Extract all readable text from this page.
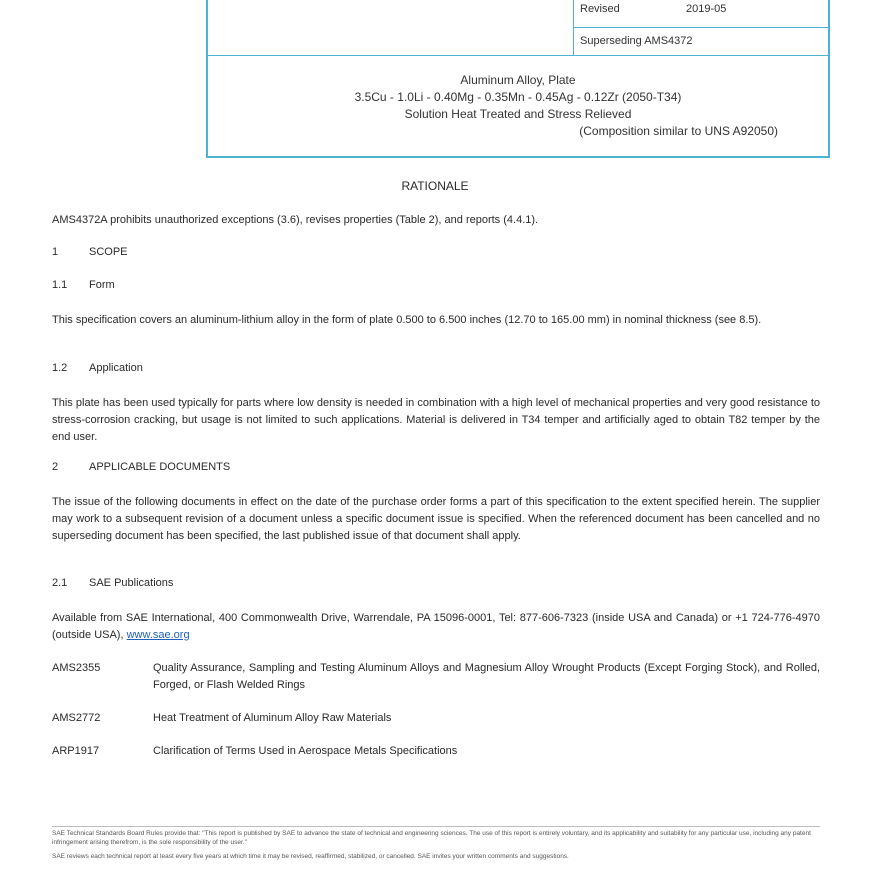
Revised	2019-05
Superseding AMS4372
Aluminum Alloy, Plate
3.5Cu - 1.0Li - 0.40Mg - 0.35Mn - 0.45Ag - 0.12Zr (2050-T34)
Solution Heat Treated and Stress Relieved
(Composition similar to UNS A92050)
RATIONALE
AMS4372A prohibits unauthorized exceptions (3.6), revises properties (Table 2), and reports (4.4.1).
1	SCOPE
1.1 Form
This specification covers an aluminum-lithium alloy in the form of plate 0.500 to 6.500 inches (12.70 to 165.00 mm) in nominal thickness (see 8.5).
1.2 Application
This plate has been used typically for parts where low density is needed in combination with a high level of mechanical properties and very good resistance to stress-corrosion cracking, but usage is not limited to such applications. Material is delivered in T34 temper and artificially aged to obtain T82 temper by the end user.
2	APPLICABLE DOCUMENTS
The issue of the following documents in effect on the date of the purchase order forms a part of this specification to the extent specified herein. The supplier may work to a subsequent revision of a document unless a specific document issue is specified. When the referenced document has been cancelled and no superseding document has been specified, the last published issue of that document shall apply.
2.1 SAE Publications
Available from SAE International, 400 Commonwealth Drive, Warrendale, PA 15096-0001, Tel: 877-606-7323 (inside USA and Canada) or +1 724-776-4970 (outside USA), www.sae.org
AMS2355	Quality Assurance, Sampling and Testing Aluminum Alloys and Magnesium Alloy Wrought Products (Except Forging Stock), and Rolled, Forged, or Flash Welded Rings
AMS2772	Heat Treatment of Aluminum Alloy Raw Materials
ARP1917	Clarification of Terms Used in Aerospace Metals Specifications
SAE Technical Standards Board Rules provide that: "This report is published by SAE to advance the state of technical and engineering sciences. The use of this report is entirely voluntary, and its applicability and suitability for any particular use, including any patent infringement arising therefrom, is the sole responsibility of the user."
SAE reviews each technical report at least every five years at which time it may be revised, reaffirmed, stabilized, or cancelled. SAE invites your written comments and suggestions.
